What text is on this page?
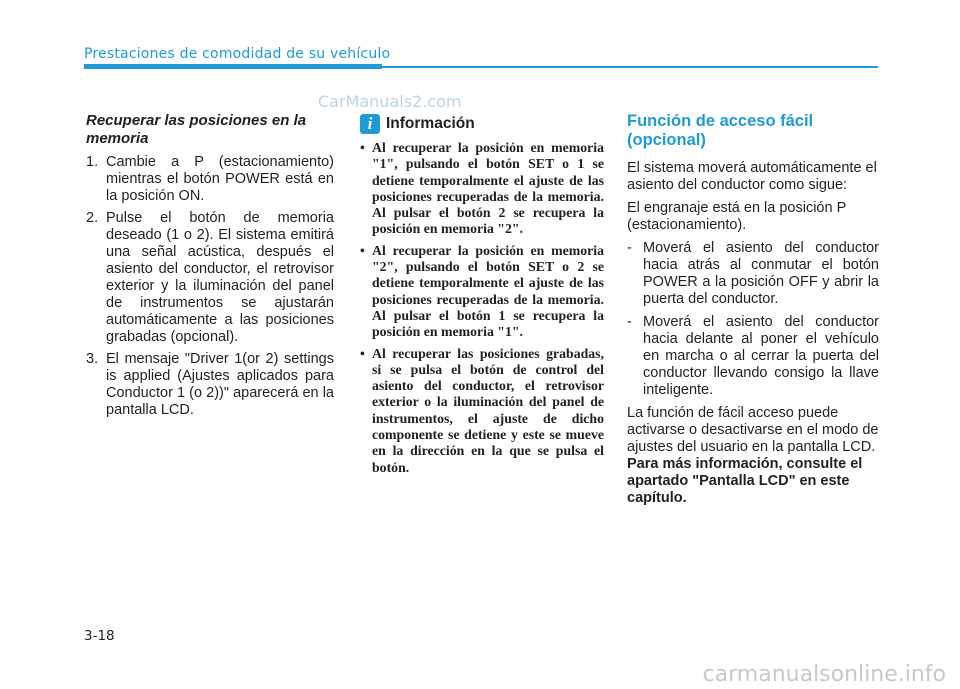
Prestaciones de comodidad de su vehículo
CarManuals2.com
Recuperar las posiciones en la memoria
1. Cambie a P (estacionamiento) mientras el botón POWER está en la posición ON.
2. Pulse el botón de memoria deseado (1 o 2). El sistema emitirá una señal acústica, después el asiento del conductor, el retrovisor exterior y la iluminación del panel de instrumentos se ajustarán automáticamente a las posiciones grabadas (opcional).
3. El mensaje "Driver 1(or 2) settings is applied (Ajustes aplicados para Conductor 1 (o 2))" aparecerá en la pantalla LCD.
i Información
• Al recuperar la posición en memoria "1", pulsando el botón SET o 1 se detiene temporalmente el ajuste de las posiciones recuperadas de la memoria. Al pulsar el botón 2 se recupera la posición en memoria "2".
• Al recuperar la posición en memoria "2", pulsando el botón SET o 2 se detiene temporalmente el ajuste de las posiciones recuperadas de la memoria. Al pulsar el botón 1 se recupera la posición en memoria "1".
• Al recuperar las posiciones grabadas, si se pulsa el botón de control del asiento del conductor, el retrovisor exterior o la iluminación del panel de instrumentos, el ajuste de dicho componente se detiene y este se mueve en la dirección en la que se pulsa el botón.
Función de acceso fácil (opcional)

El sistema moverá automáticamente el asiento del conductor como sigue:

El engranaje está en la posición P (estacionamiento).

- Moverá el asiento del conductor hacia atrás al conmutar el botón POWER a la posición OFF y abrir la puerta del conductor.
- Moverá el asiento del conductor hacia delante al poner el vehículo en marcha o al cerrar la puerta del conductor llevando consigo la llave inteligente.

La función de fácil acceso puede activarse o desactivarse en el modo de ajustes del usuario en la pantalla LCD. Para más información, consulte el apartado "Pantalla LCD" en este capítulo.

3-18
carmanualsonline.info
